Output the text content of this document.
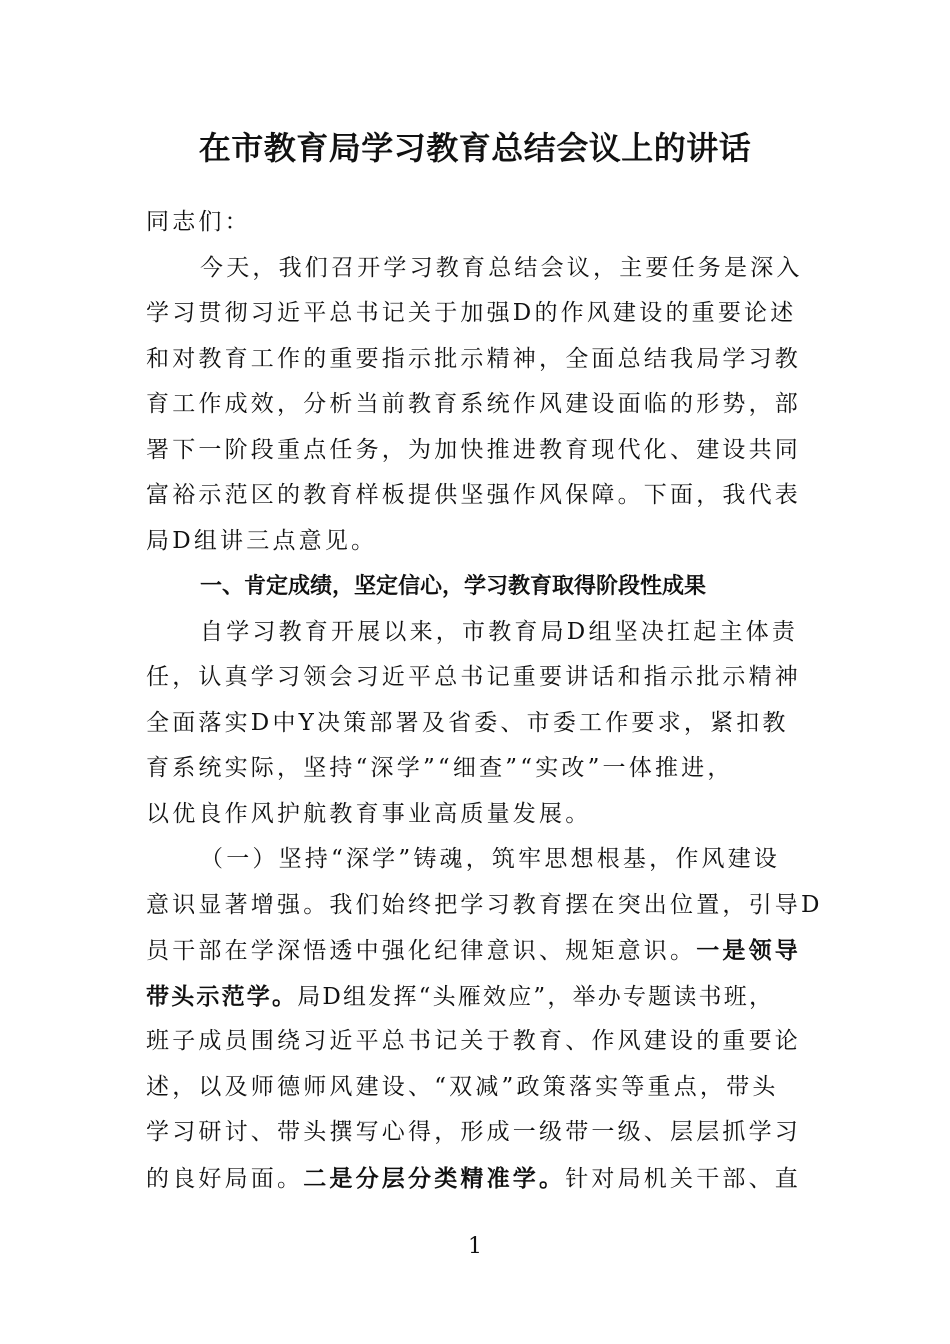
在市教育局学习教育总结会议上的讲话
同志们：
今天，我们召开学习教育总结会议，主要任务是深入
学习贯彻习近平总书记关于加强D的作风建设的重要论述
和对教育工作的重要指示批示精神，全面总结我局学习教
育工作成效，分析当前教育系统作风建设面临的形势，部
署下一阶段重点任务，为加快推进教育现代化、建设共同
富裕示范区的教育样板提供坚强作风保障。下面，我代表
局D组讲三点意见。
一、肯定成绩，坚定信心，学习教育取得阶段性成果
自学习教育开展以来，市教育局D组坚决扛起主体责
任，认真学习领会习近平总书记重要讲话和指示批示精神
全面落实D中Y决策部署及省委、市委工作要求，紧扣教
育系统实际，坚持“深学”“细查”“实改”一体推进，
以优良作风护航教育事业高质量发展。
（一）坚持“深学”铸魂，筑牢思想根基，作风建设
意识显著增强。我们始终把学习教育摆在突出位置，引导D
员干部在学深悟透中强化纪律意识、规矩意识。一是领导
带头示范学。局D组发挥“头雁效应”，举办专题读书班，
班子成员围绕习近平总书记关于教育、作风建设的重要论
述，以及师德师风建设、“双减”政策落实等重点，带头
学习研讨、带头撰写心得，形成一级带一级、层层抓学习
的良好局面。二是分层分类精准学。针对局机关干部、直
1
